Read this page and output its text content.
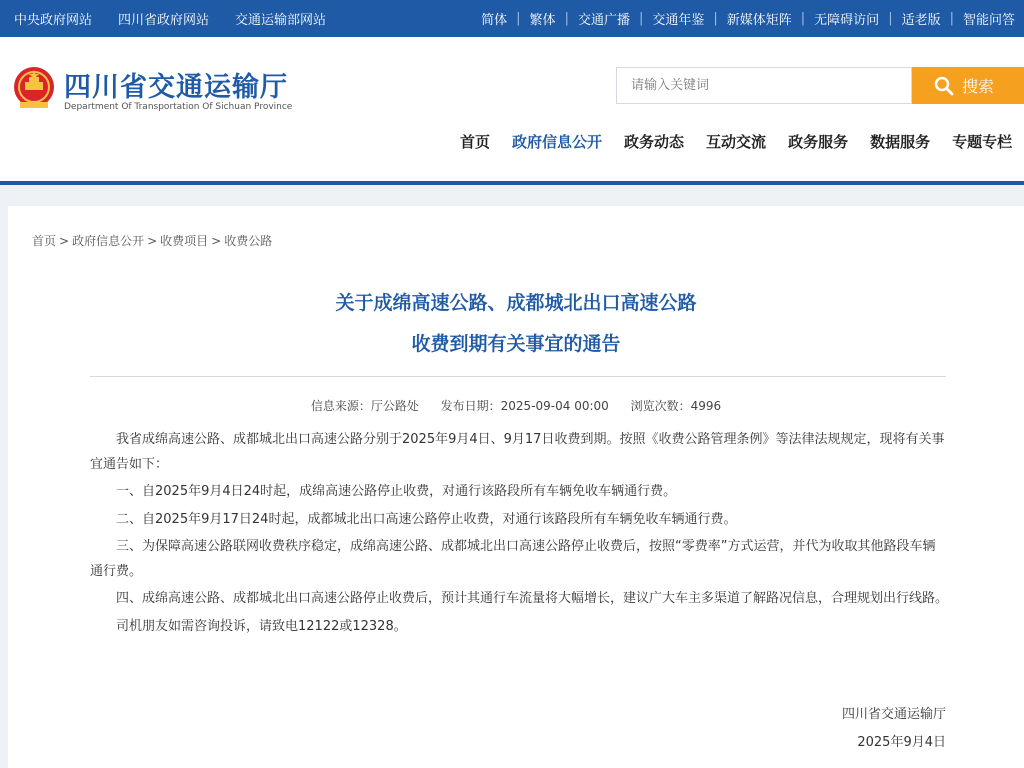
中央政府网站 四川省政府网站 交通运输部网站	简体 | 繁体 | 交通广播 | 交通年鉴 | 新媒体矩阵 | 无障碍访问 | 适老版 | 智能问答
四川省交通运输厅
Department Of Transportation Of Sichuan Province
请输入关键词
搜索
首页 政府信息公开 政务动态 互动交流 政务服务 数据服务 专题专栏
首页 > 政府信息公开 > 收费项目 > 收费公路
关于成绵高速公路、成都城北出口高速公路
收费到期有关事宜的通告
信息来源：厅公路处 发布日期：2025-09-04 00:00 浏览次数：4996

我省成绵高速公路、成都城北出口高速公路分别于2025年9月4日、9月17日收费到期。按照《收费公路管理条例》等法律法规规定，现将有关事宜通告如下：

一、自2025年9月4日24时起，成绵高速公路停止收费，对通行该路段所有车辆免收车辆通行费。

二、自2025年9月17日24时起，成都城北出口高速公路停止收费，对通行该路段所有车辆免收车辆通行费。

三、为保障高速公路联网收费秩序稳定，成绵高速公路、成都城北出口高速公路停止收费后，按照“零费率”方式运营，并代为收取其他路段车辆通行费。

四、成绵高速公路、成都城北出口高速公路停止收费后，预计其通行车流量将大幅增长，建议广大车主多渠道了解路况信息，合理规划出行线路。

司机朋友如需咨询投诉，请致电12122或12328。

四川省交通运输厅
2025年9月4日
